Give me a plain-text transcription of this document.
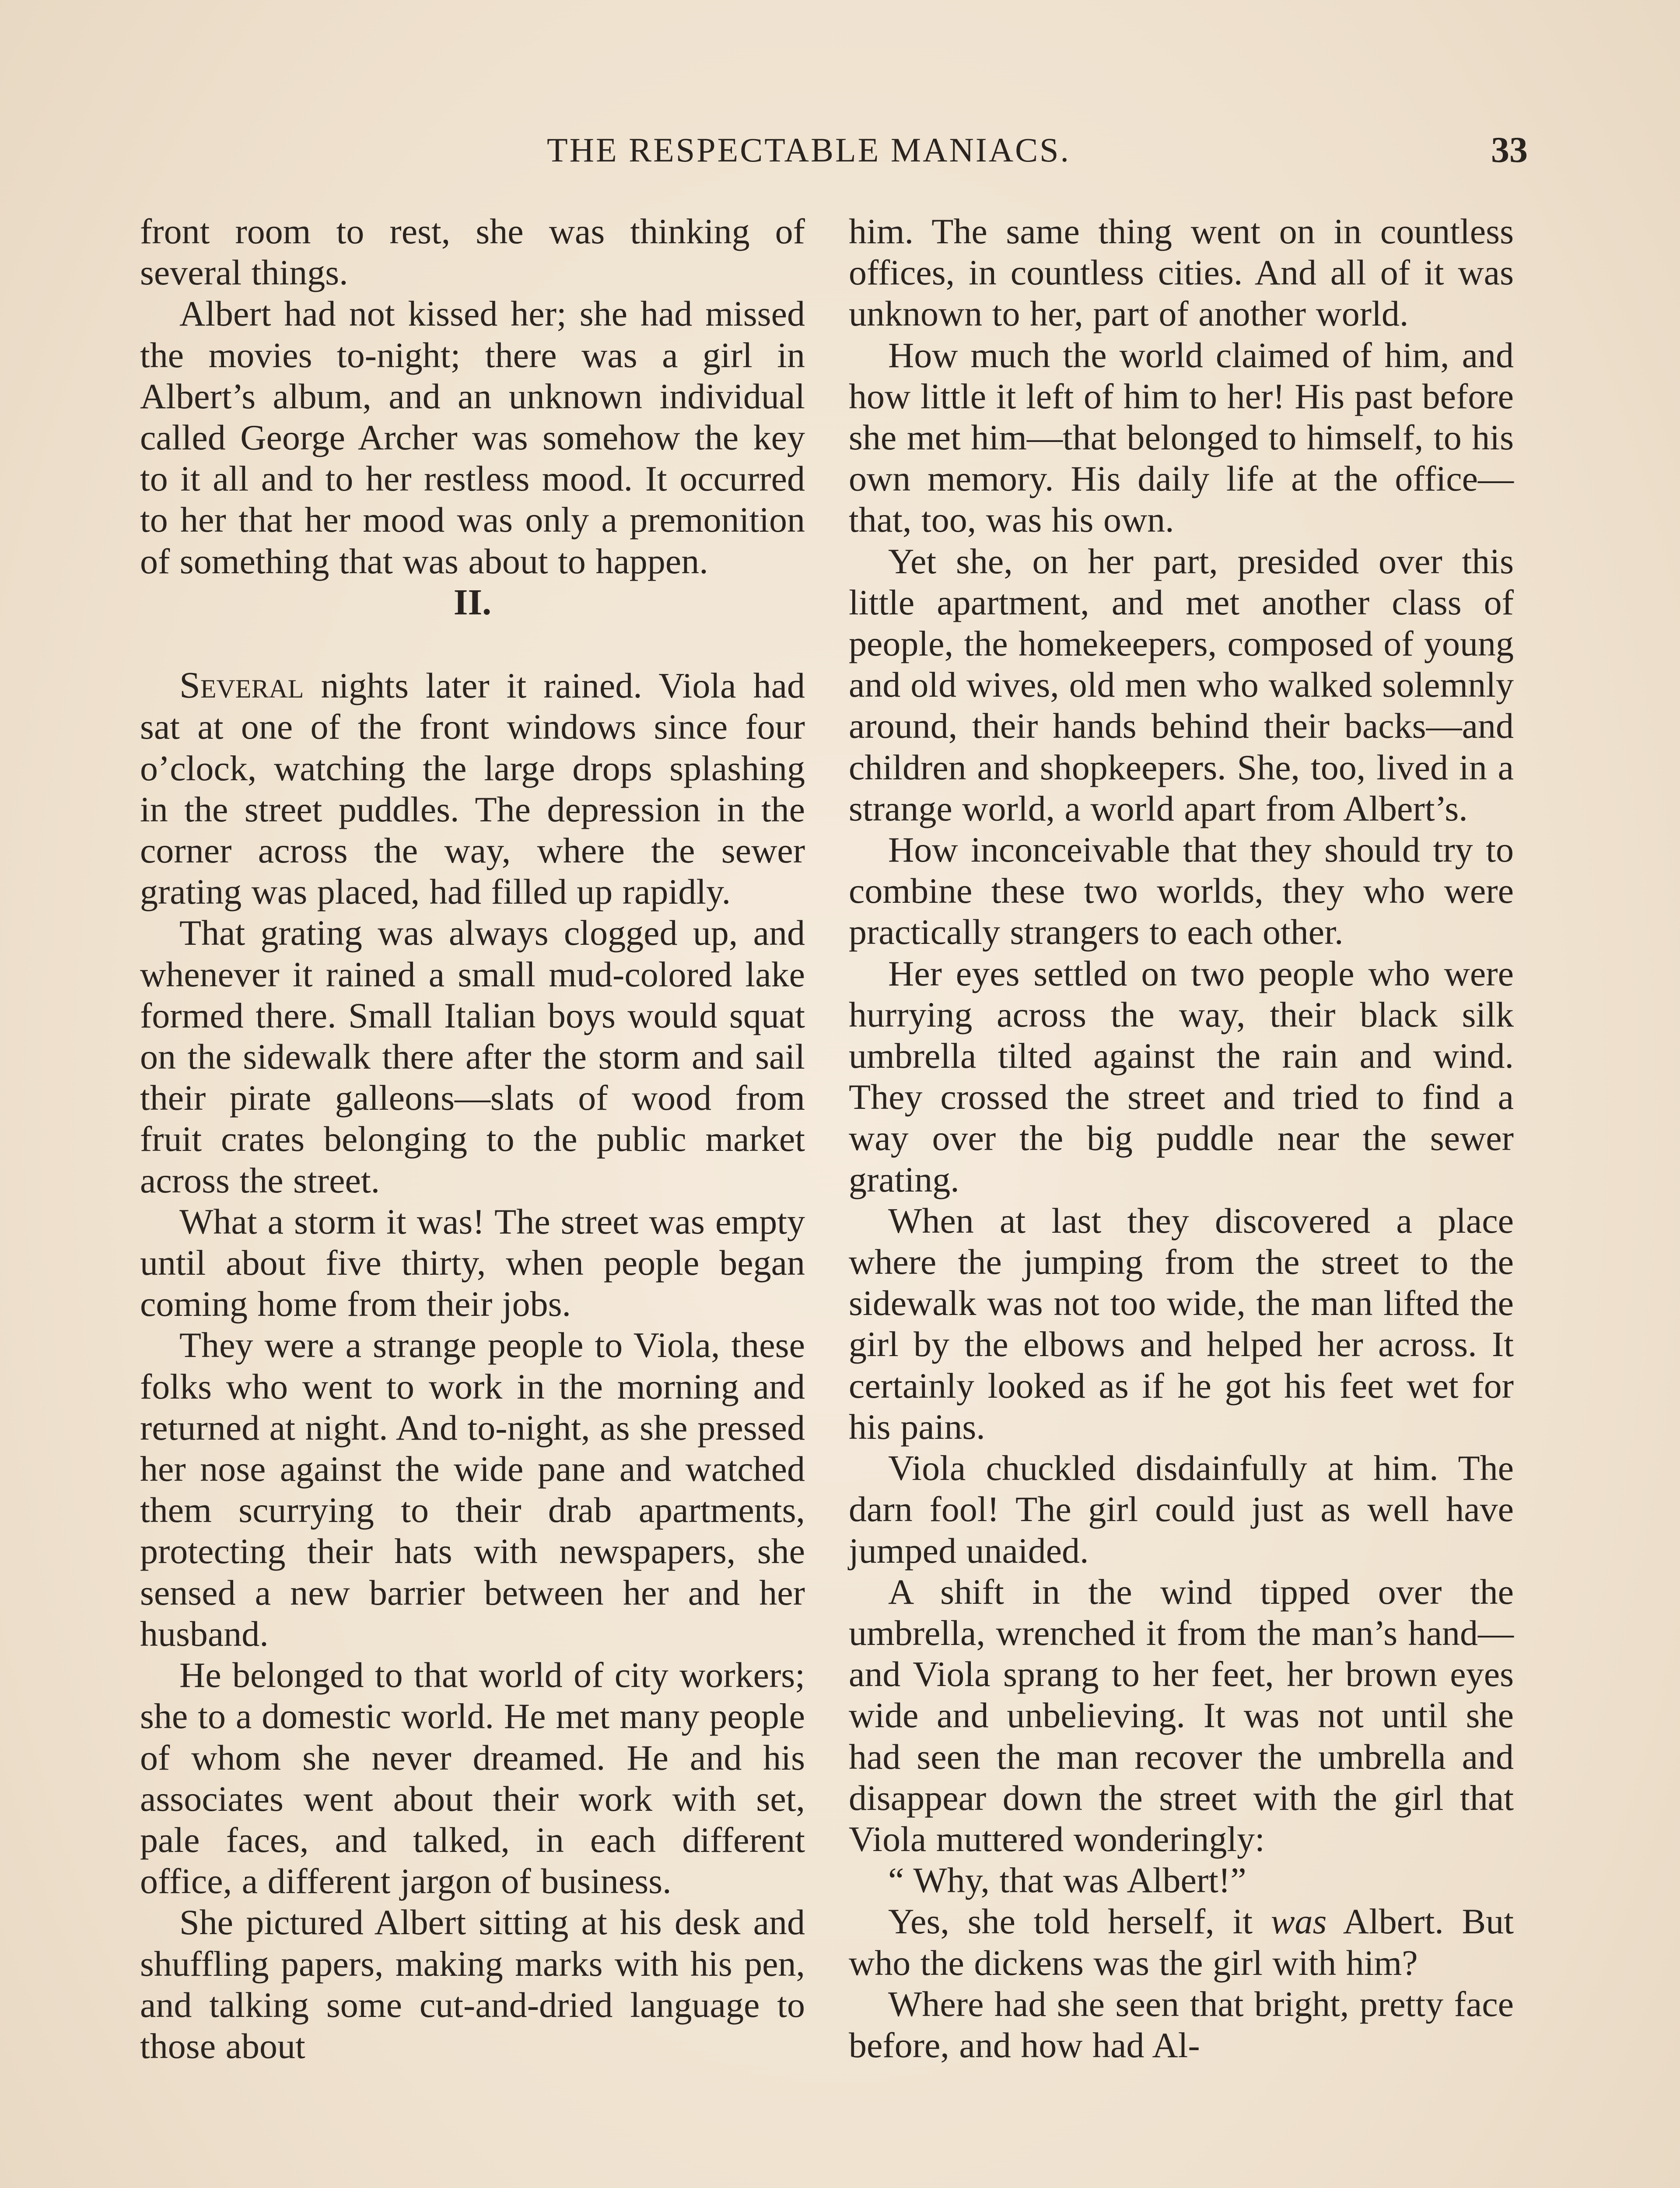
THE RESPECTABLE MANIACS.	33

front room to rest, she was thinking of several things.

Albert had not kissed her; she had missed the movies to-night; there was a girl in Albert’s album, and an unknown individual called George Archer was somehow the key to it all and to her restless mood. It occurred to her that her mood was only a premonition of something that was about to happen.

II.

Several nights later it rained. Viola had sat at one of the front windows since four o’clock, watching the large drops splashing in the street puddles. The depression in the corner across the way, where the sewer grating was placed, had filled up rapidly.

That grating was always clogged up, and whenever it rained a small mud-colored lake formed there. Small Italian boys would squat on the sidewalk there after the storm and sail their pirate galleons—slats of wood from fruit crates belonging to the public market across the street.

What a storm it was! The street was empty until about five thirty, when people began coming home from their jobs.

They were a strange people to Viola, these folks who went to work in the morning and returned at night. And to-night, as she pressed her nose against the wide pane and watched them scurrying to their drab apartments, protecting their hats with newspapers, she sensed a new barrier between her and her husband.

He belonged to that world of city workers; she to a domestic world. He met many people of whom she never dreamed. He and his associates went about their work with set, pale faces, and talked, in each different office, a different jargon of business.

She pictured Albert sitting at his desk and shuffling papers, making marks with his pen, and talking some cut-and-dried language to those about

him. The same thing went on in countless offices, in countless cities. And all of it was unknown to her, part of another world.

How much the world claimed of him, and how little it left of him to her! His past before she met him—that belonged to himself, to his own memory. His daily life at the office—that, too, was his own.

Yet she, on her part, presided over this little apartment, and met another class of people, the homekeepers, composed of young and old wives, old men who walked solemnly around, their hands behind their backs—and children and shopkeepers. She, too, lived in a strange world, a world apart from Albert’s.

How inconceivable that they should try to combine these two worlds, they who were practically strangers to each other.

Her eyes settled on two people who were hurrying across the way, their black silk umbrella tilted against the rain and wind. They crossed the street and tried to find a way over the big puddle near the sewer grating.

When at last they discovered a place where the jumping from the street to the sidewalk was not too wide, the man lifted the girl by the elbows and helped her across. It certainly looked as if he got his feet wet for his pains.

Viola chuckled disdainfully at him. The darn fool! The girl could just as well have jumped unaided.

A shift in the wind tipped over the umbrella, wrenched it from the man’s hand—and Viola sprang to her feet, her brown eyes wide and unbelieving. It was not until she had seen the man recover the umbrella and disappear down the street with the girl that Viola muttered wonderingly:

“ Why, that was Albert!”

Yes, she told herself, it was Albert. But who the dickens was the girl with him?

Where had she seen that bright, pretty face before, and how had Al-
